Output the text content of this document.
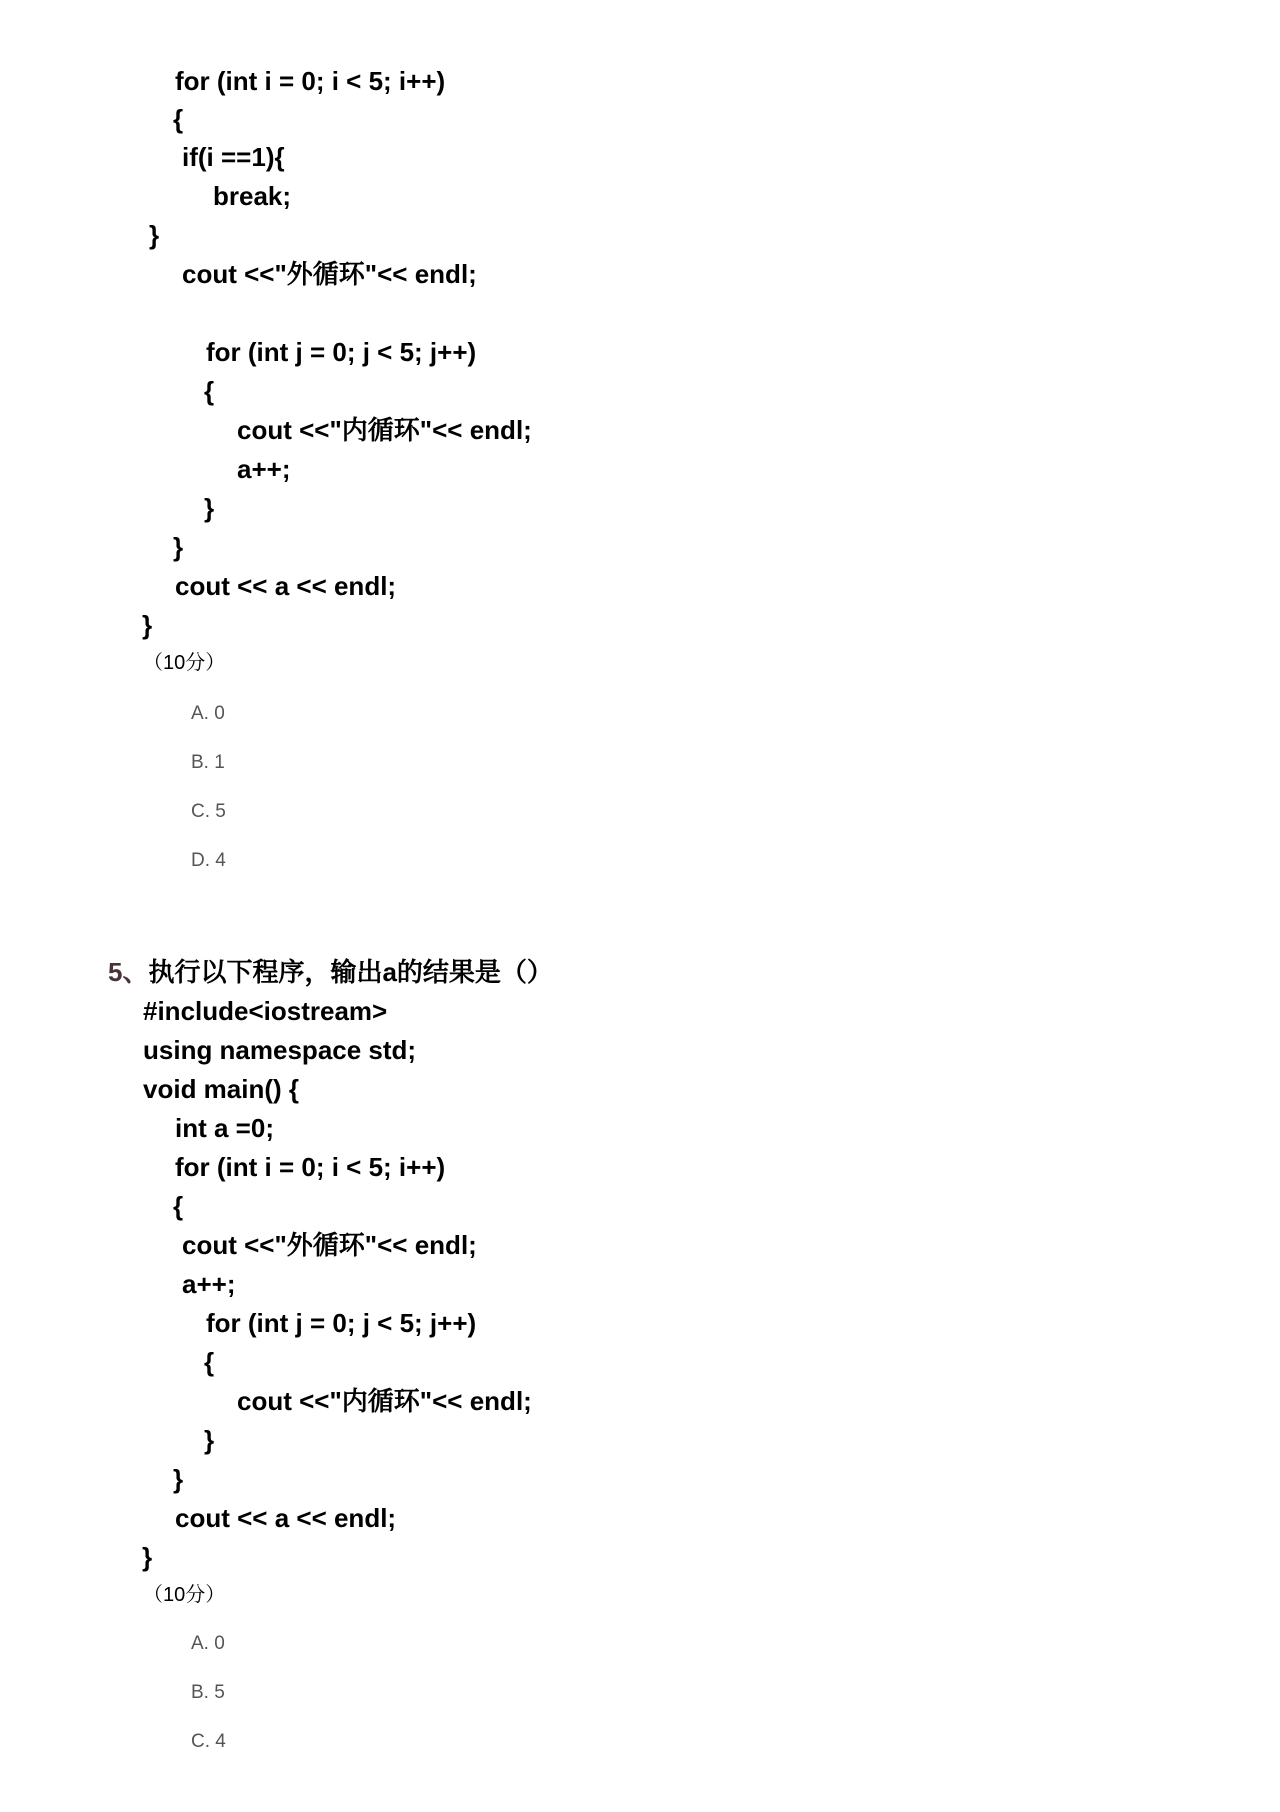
for (int i = 0; i < 5; i++)
{
if(i ==1){
break;
}
cout <<"外循环"<< endl;
for (int j = 0; j < 5; j++)
{
cout <<"内循环"<< endl;
a++;
}
}
cout << a << endl;
}
（10分）
A. 0
B. 1
C. 5
D. 4
5、执行以下程序，输出a的结果是（）
#include<iostream>
using namespace std;
void main() {
int a =0;
for (int i = 0; i < 5; i++)
{
cout <<"外循环"<< endl;
a++;
for (int j = 0; j < 5; j++)
{
cout <<"内循环"<< endl;
}
}
cout << a << endl;
}
（10分）
A. 0
B. 5
C. 4
